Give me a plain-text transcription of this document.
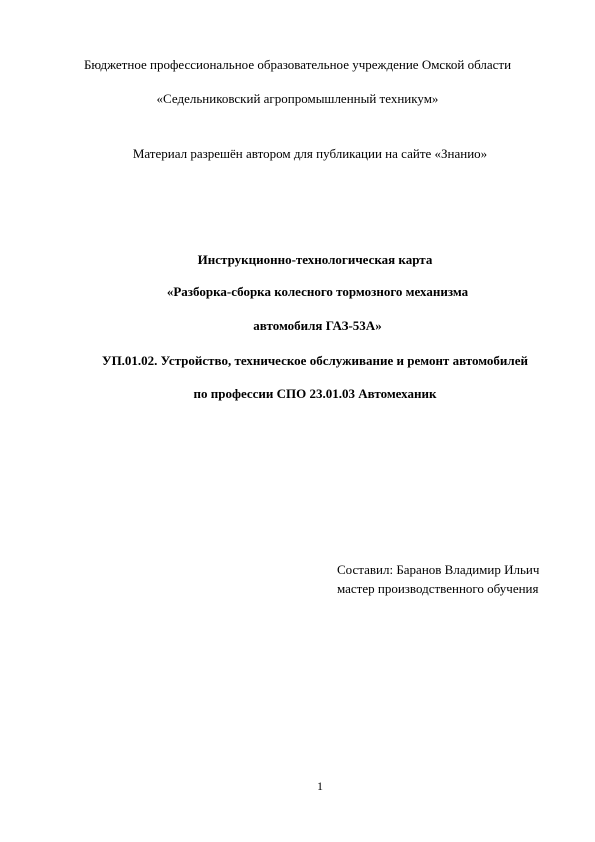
Бюджетное профессиональное образовательное учреждение Омской области
«Седельниковский агропромышленный техникум»
Материал разрешён автором для публикации на сайте «Знанио»
Инструкционно-технологическая карта
«Разборка-сборка колесного тормозного механизма
автомобиля ГАЗ-53А»
УП.01.02. Устройство, техническое обслуживание и ремонт автомобилей
по профессии СПО 23.01.03 Автомеханик
Составил: Баранов Владимир Ильич
мастер производственного обучения
1
